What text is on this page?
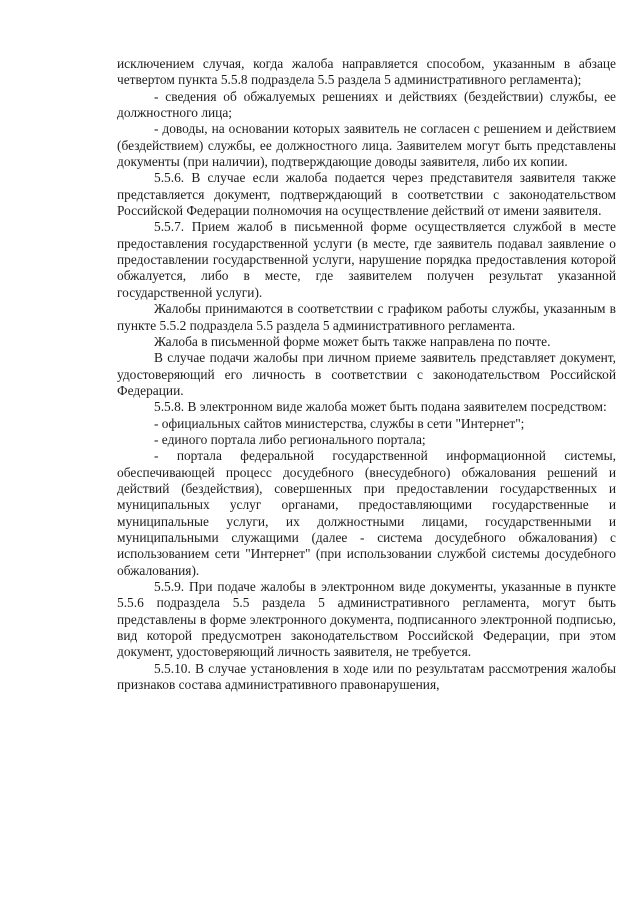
исключением случая, когда жалоба направляется способом, указанным в абзаце четвертом пункта 5.5.8 подраздела 5.5 раздела 5 административного регламента);

- сведения об обжалуемых решениях и действиях (бездействии) службы, ее должностного лица;

- доводы, на основании которых заявитель не согласен с решением и действием (бездействием) службы, ее должностного лица. Заявителем могут быть представлены документы (при наличии), подтверждающие доводы заявителя, либо их копии.

5.5.6. В случае если жалоба подается через представителя заявителя также представляется документ, подтверждающий в соответствии с законодательством Российской Федерации полномочия на осуществление действий от имени заявителя.

5.5.7. Прием жалоб в письменной форме осуществляется службой в месте предоставления государственной услуги (в месте, где заявитель подавал заявление о предоставлении государственной услуги, нарушение порядка предоставления которой обжалуется, либо в месте, где заявителем получен результат указанной государственной услуги).

Жалобы принимаются в соответствии с графиком работы службы, указанным в пункте 5.5.2 подраздела 5.5 раздела 5 административного регламента.

Жалоба в письменной форме может быть также направлена по почте.

В случае подачи жалобы при личном приеме заявитель представляет документ, удостоверяющий его личность в соответствии с законодательством Российской Федерации.

5.5.8. В электронном виде жалоба может быть подана заявителем посредством:

- официальных сайтов министерства, службы в сети "Интернет";

- единого портала либо регионального портала;

- портала федеральной государственной информационной системы, обеспечивающей процесс досудебного (внесудебного) обжалования решений и действий (бездействия), совершенных при предоставлении государственных и муниципальных услуг органами, предоставляющими государственные и муниципальные услуги, их должностными лицами, государственными и муниципальными служащими (далее - система досудебного обжалования) с использованием сети "Интернет" (при использовании службой системы досудебного обжалования).

5.5.9. При подаче жалобы в электронном виде документы, указанные в пункте 5.5.6 подраздела 5.5 раздела 5 административного регламента, могут быть представлены в форме электронного документа, подписанного электронной подписью, вид которой предусмотрен законодательством Российской Федерации, при этом документ, удостоверяющий личность заявителя, не требуется.

5.5.10. В случае установления в ходе или по результатам рассмотрения жалобы признаков состава административного правонарушения,
